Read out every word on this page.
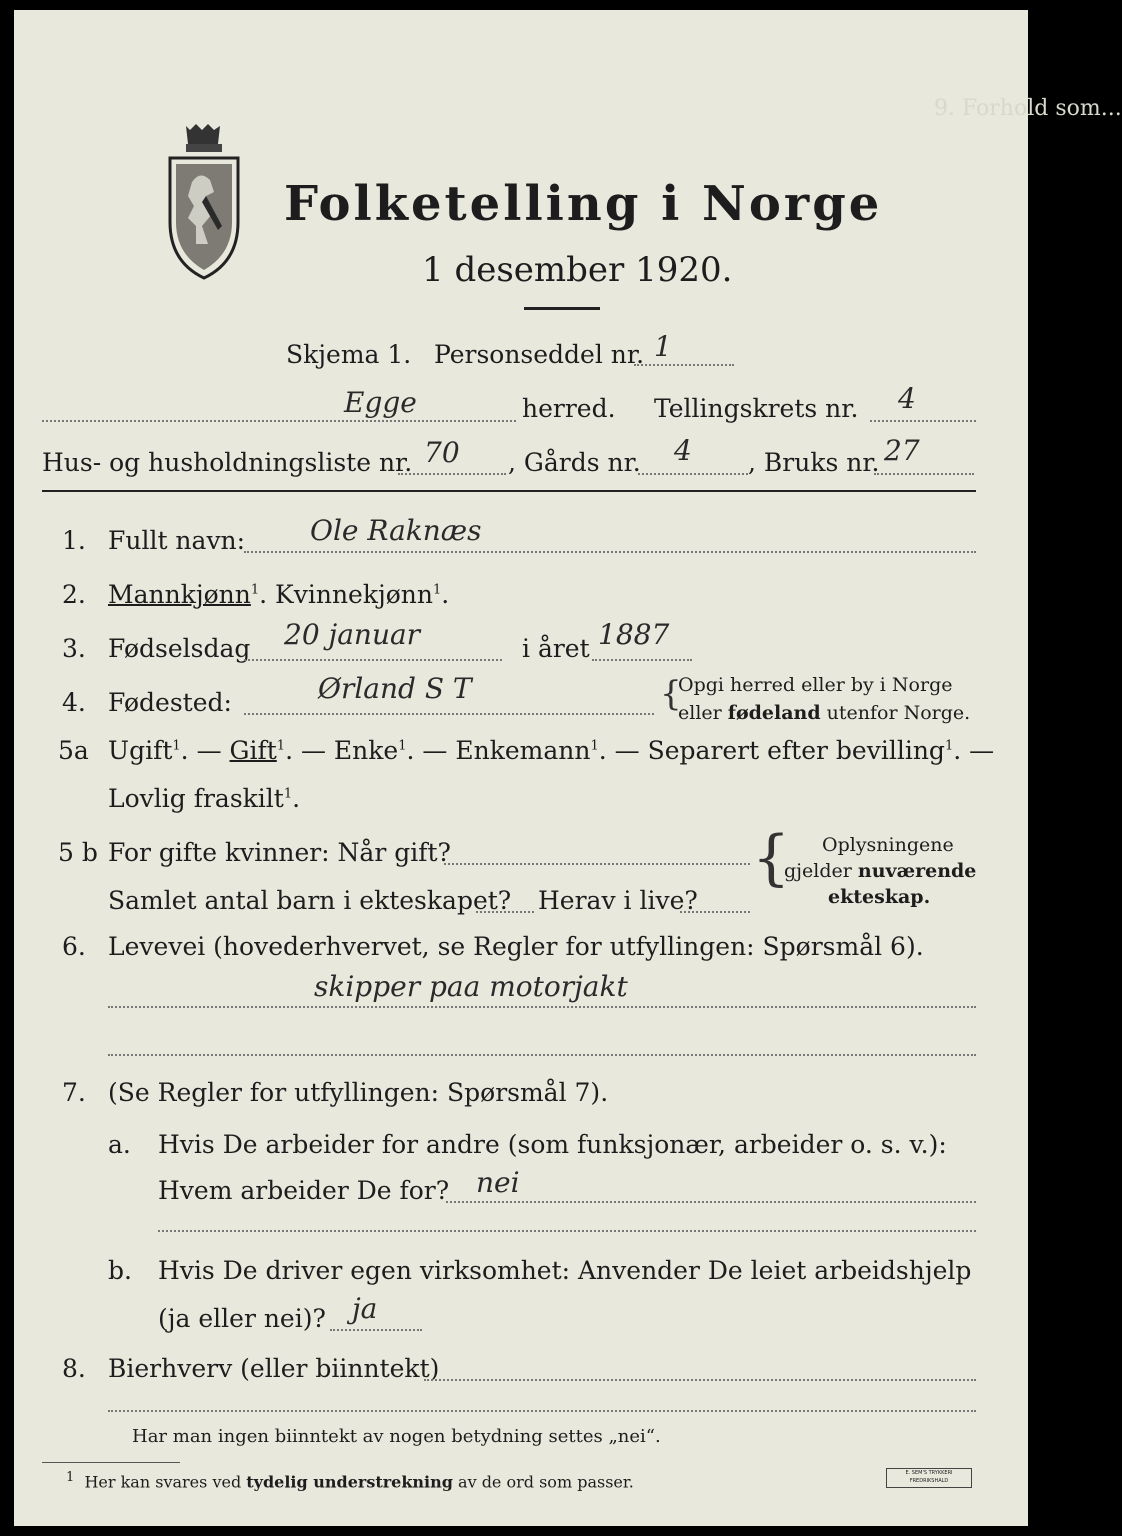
9. Forhold som...
Folketelling i Norge
1 desember 1920.
Skjema 1. Personseddel nr. 1
Egge	herred. Tellingskrets nr. 4
Hus- og husholdningsliste nr. 70 , Gårds nr. 4 , Bruks nr. 27
1. Fullt navn: Ole Raknæs
2. Mannkjønn$^1$. Kvinnekjønn$^1$.
3. Fødselsdag 20 januar	i året 1887
4. Fødested:	Ørland S T	{
Opgi herred eller by i Norge
eller fødeland utenfor Norge.
5a Ugift$^1$. — Gift$^1$. — Enke$^1$. — Enkemann$^1$. — Separert efter bevilling$^1$. —
Lovlig fraskilt$^1$.
5 b For gifte kvinner: Når gift?
Samlet antal barn i ekteskapet? Herav i live?
{ Oplysningene
gjelder nuværende
ekteskap.
6. Levevei (hovederhvervet, se Regler for utfyllingen: Spørsmål 6).
skipper paa motorjakt
7. (Se Regler for utfyllingen: Spørsmål 7).
a. Hvis De arbeider for andre (som funksjonær, arbeider o. s. v.):
Hvem arbeider De for? nei
b. Hvis De driver egen virksomhet: Anvender De leiet arbeidshjelp
(ja eller nei)? ja
8. Bierhverv (eller biinntekt)
Har man ingen biinntekt av nogen betydning settes „nei“.
$^1$ Her kan svares ved tydelig understrekning av de ord som passer.	E. SEM'S TRYKKERI
FREDRIKSHALD
